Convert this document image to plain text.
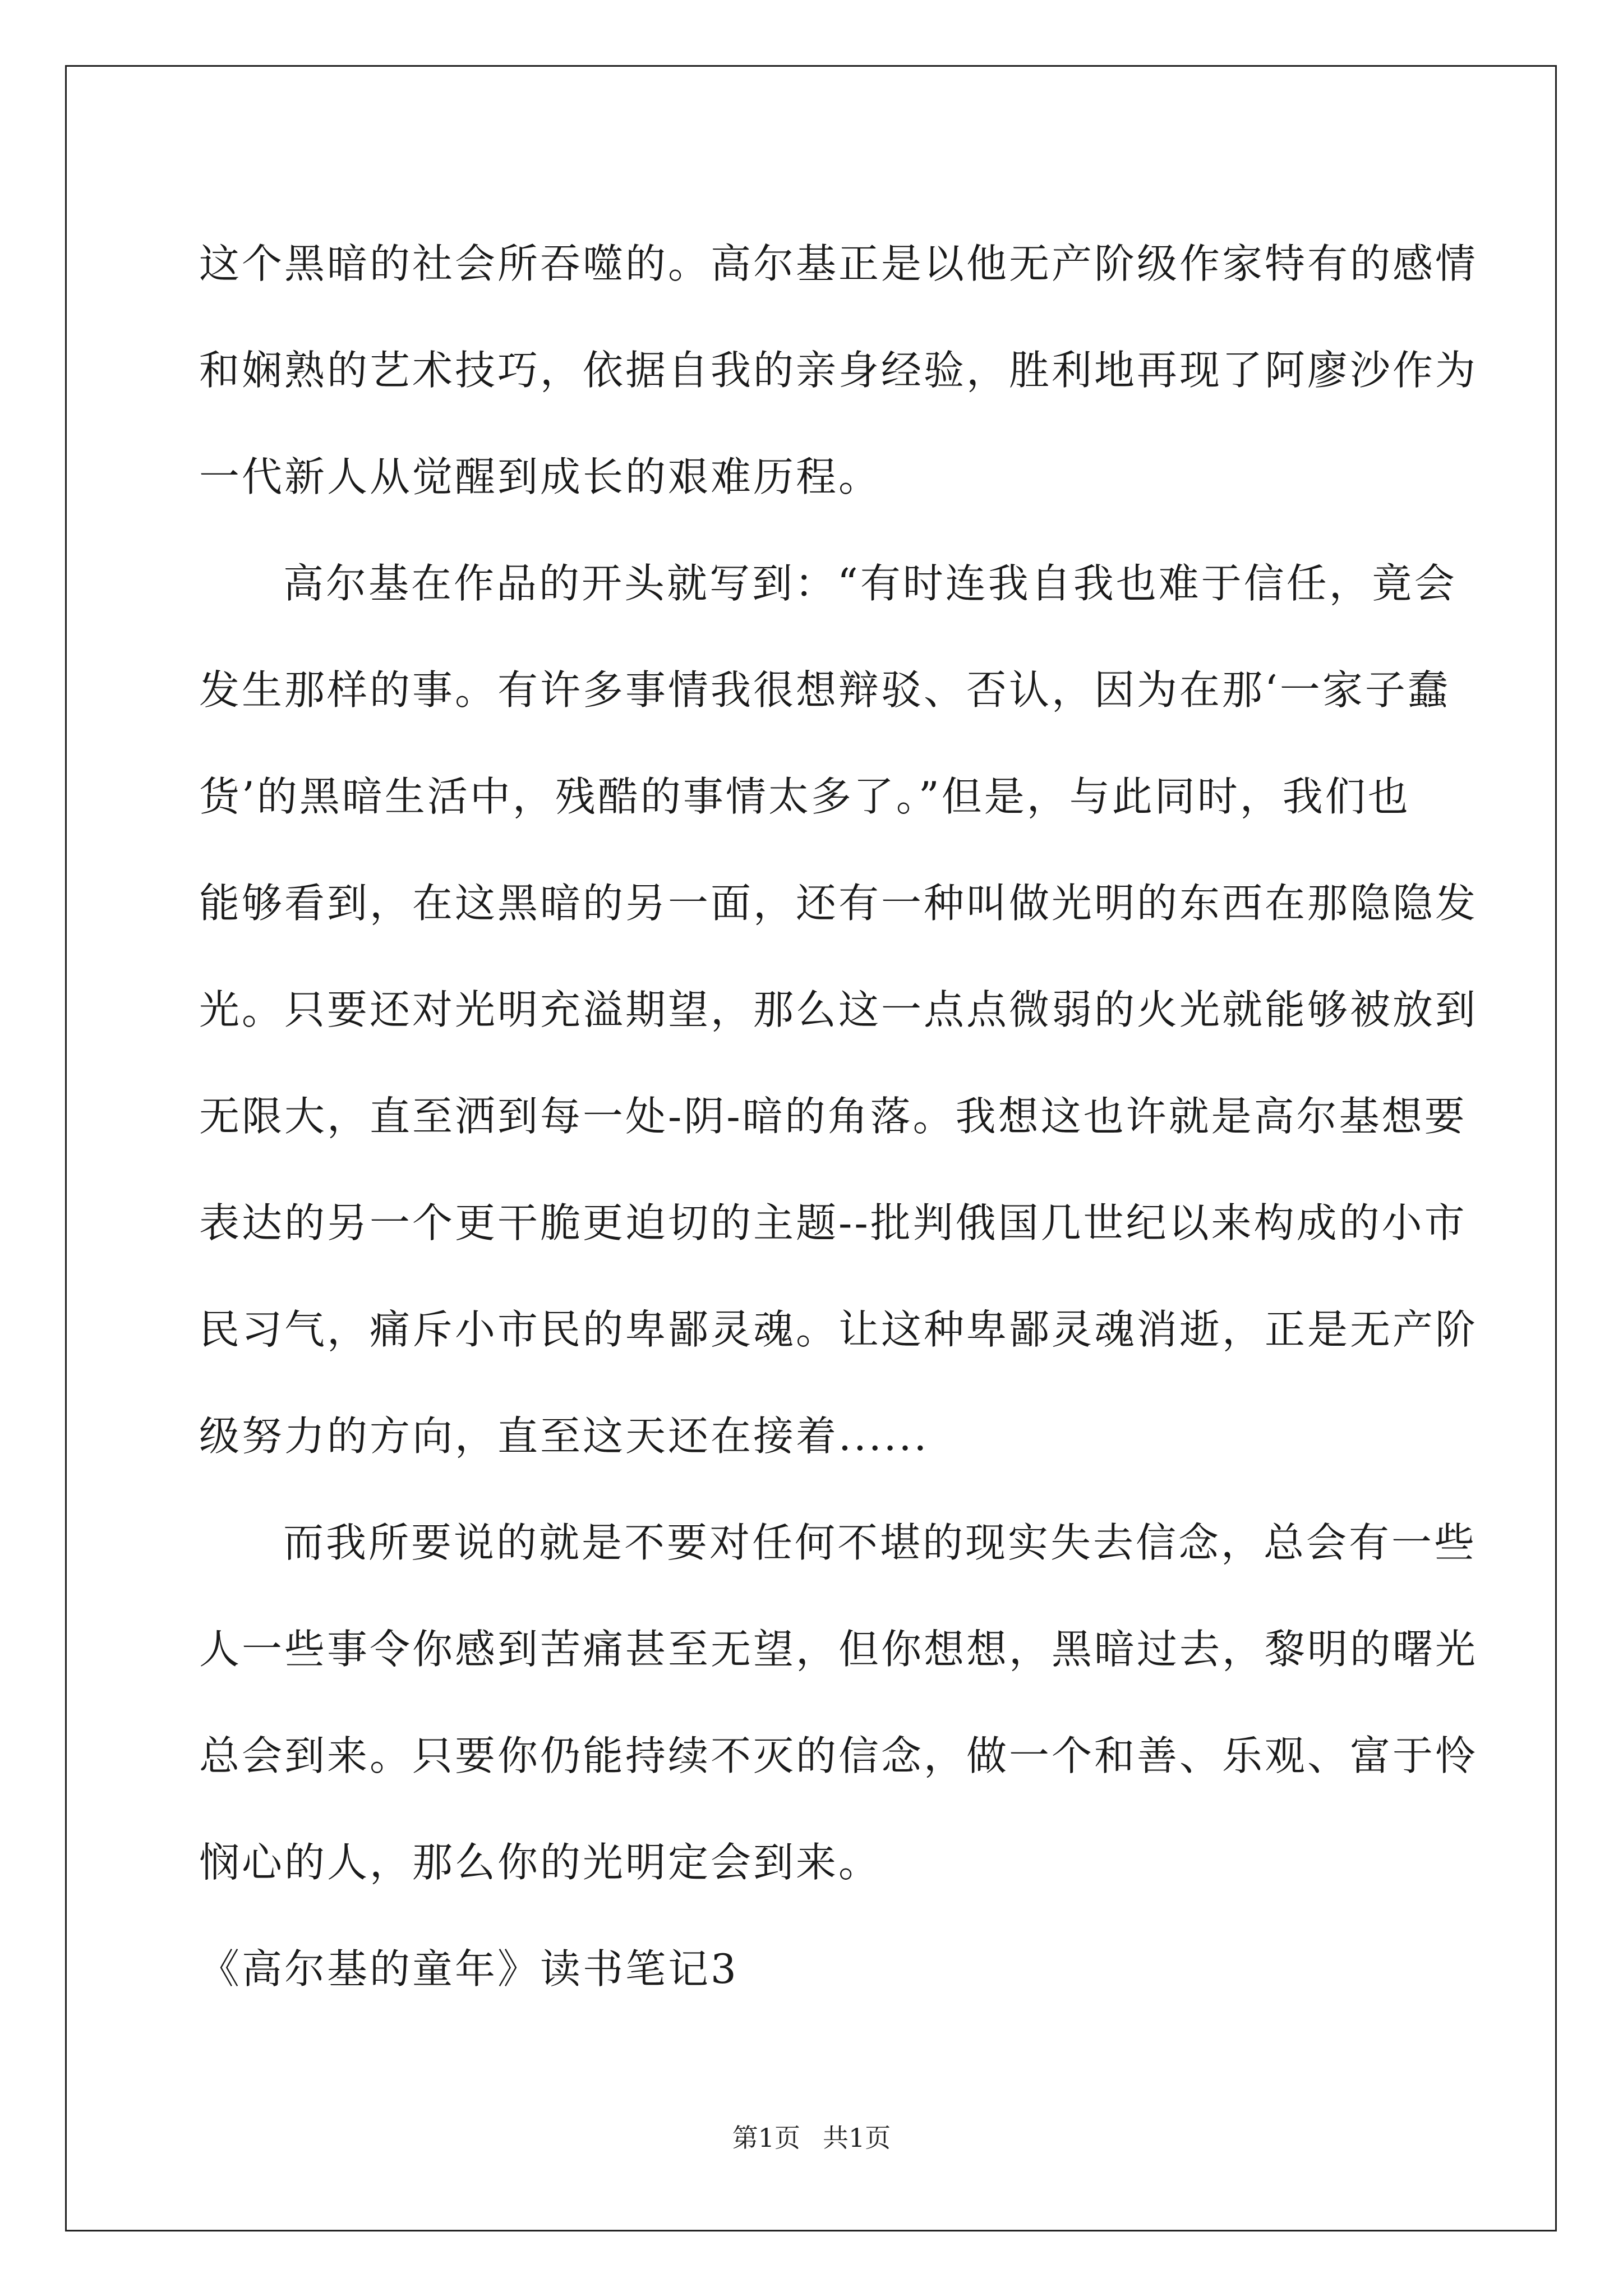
这个黑暗的社会所吞噬的。高尔基正是以他无产阶级作家特有的感情
和娴熟的艺术技巧，依据自我的亲身经验，胜利地再现了阿廖沙作为
一代新人从觉醒到成长的艰难历程。
高尔基在作品的开头就写到：“有时连我自我也难于信任，竟会
发生那样的事。有许多事情我很想辩驳、否认，因为在那‘一家子蠢
货’的黑暗生活中，残酷的事情太多了。”但是，与此同时，我们也
能够看到，在这黑暗的另一面，还有一种叫做光明的东西在那隐隐发
光。只要还对光明充溢期望，那么这一点点微弱的火光就能够被放到
无限大，直至洒到每一处-阴-暗的角落。我想这也许就是高尔基想要
表达的另一个更干脆更迫切的主题--批判俄国几世纪以来构成的小市
民习气，痛斥小市民的卑鄙灵魂。让这种卑鄙灵魂消逝，正是无产阶
级努力的方向，直至这天还在接着......
而我所要说的就是不要对任何不堪的现实失去信念，总会有一些
人一些事令你感到苦痛甚至无望，但你想想，黑暗过去，黎明的曙光
总会到来。只要你仍能持续不灭的信念，做一个和善、乐观、富于怜
悯心的人，那么你的光明定会到来。
《高尔基的童年》读书笔记3
第1页 共1页
